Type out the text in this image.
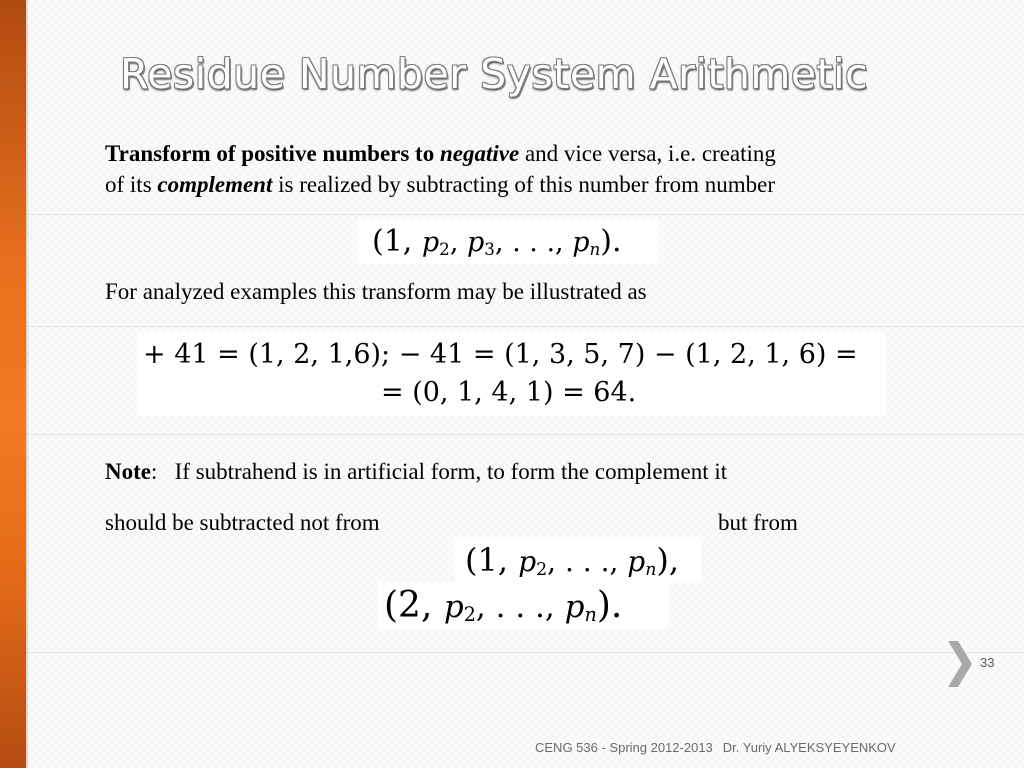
Residue Number System Arithmetic
Transform of positive numbers to negative and vice versa, i.e. creating
of its complement is realized by subtracting of this number from number
(1, $p_2$, $p_3$, . . ., $p_n$).
For analyzed examples this transform may be illustrated as
+ 41 = (1, 2, 1,6); − 41 = (1, 3, 5, 7) − (1, 2, 1, 6) =
= (0, 1, 4, 1) = 64.
Note:   If subtrahend is in artificial form, to form the complement it
should be subtracted not from	but from
(1, $p_2$, . . ., $p_n$),
(2, $p_2$, . . ., $p_n$).
33
CENG 536 - Spring 2012-2013 Dr. Yuriy ALYEKSYEYENKOV
